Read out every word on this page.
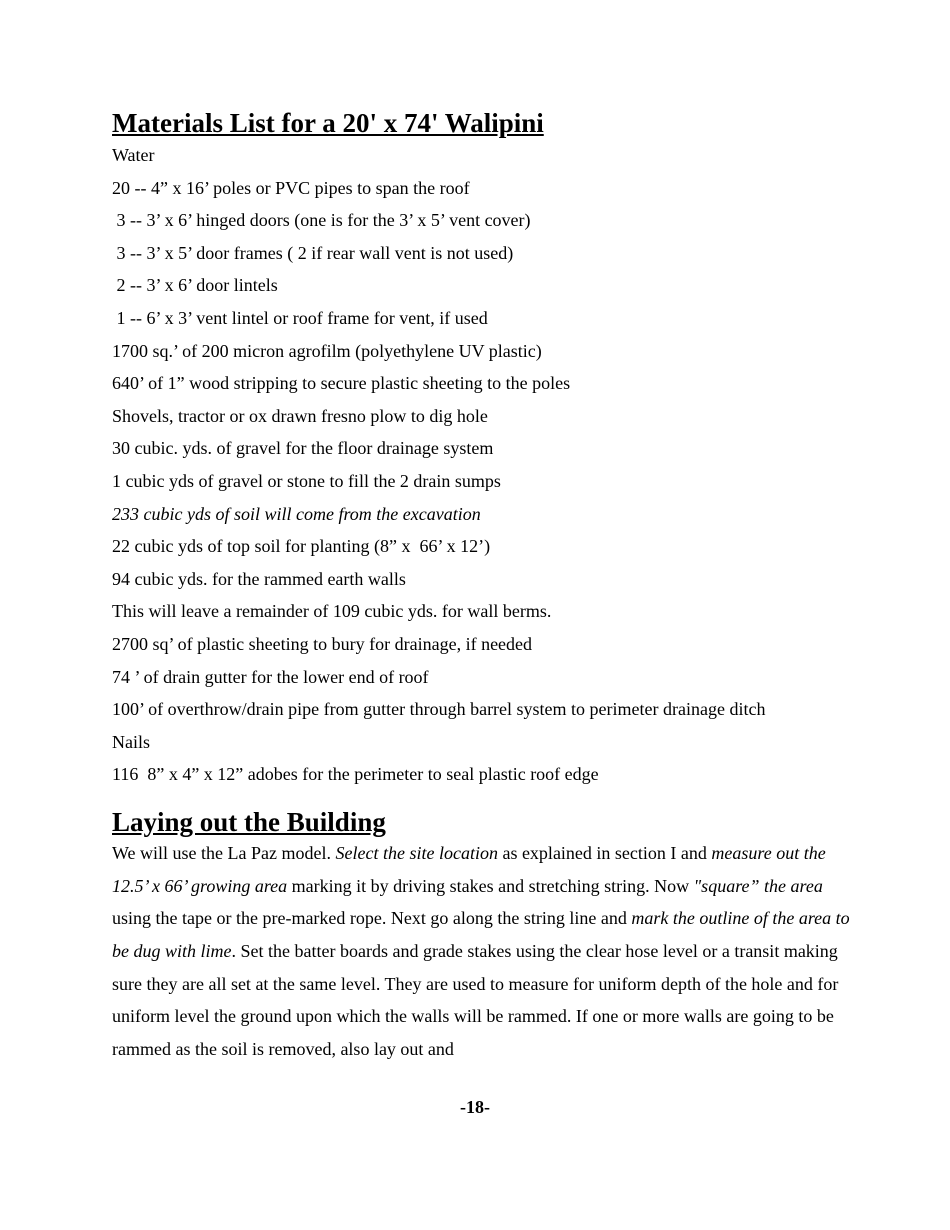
Materials List for a 20' x 74' Walipini
Water
20 -- 4” x 16’ poles or PVC pipes to span the roof
3 -- 3’ x 6’ hinged doors (one is for the 3’ x 5’ vent cover)
3 -- 3’ x 5’ door frames ( 2 if rear wall vent is not used)
2 -- 3’ x 6’ door lintels
1 -- 6’ x 3’ vent lintel or roof frame for vent, if used
1700 sq.’ of 200 micron agrofilm (polyethylene UV plastic)
640’ of 1” wood stripping to secure plastic sheeting to the poles
Shovels, tractor or ox drawn fresno plow to dig hole
30 cubic. yds. of gravel for the floor drainage system
1 cubic yds of gravel or stone to fill the 2 drain sumps
233 cubic yds of soil will come from the excavation
22 cubic yds of top soil for planting (8” x  66’ x 12’)
94 cubic yds. for the rammed earth walls
This will leave a remainder of 109 cubic yds. for wall berms.
2700 sq’ of plastic sheeting to bury for drainage, if needed
74 ’ of drain gutter for the lower end of roof
100’ of overthrow/drain pipe from gutter through barrel system to perimeter drainage ditch
Nails
116  8” x 4” x 12” adobes for the perimeter to seal plastic roof edge
Laying out the Building

We will use the La Paz model. Select the site location as explained in section I and measure out the 12.5’ x 66’ growing area marking it by driving stakes and stretching string. Now "square” the area using the tape or the pre-marked rope. Next go along the string line and mark the outline of the area to be dug with lime. Set the batter boards and grade stakes using the clear hose level or a transit making sure they are all set at the same level. They are used to measure for uniform depth of the hole and for uniform level the ground upon which the walls will be rammed. If one or more walls are going to be rammed as the soil is removed, also lay out and

-18-
